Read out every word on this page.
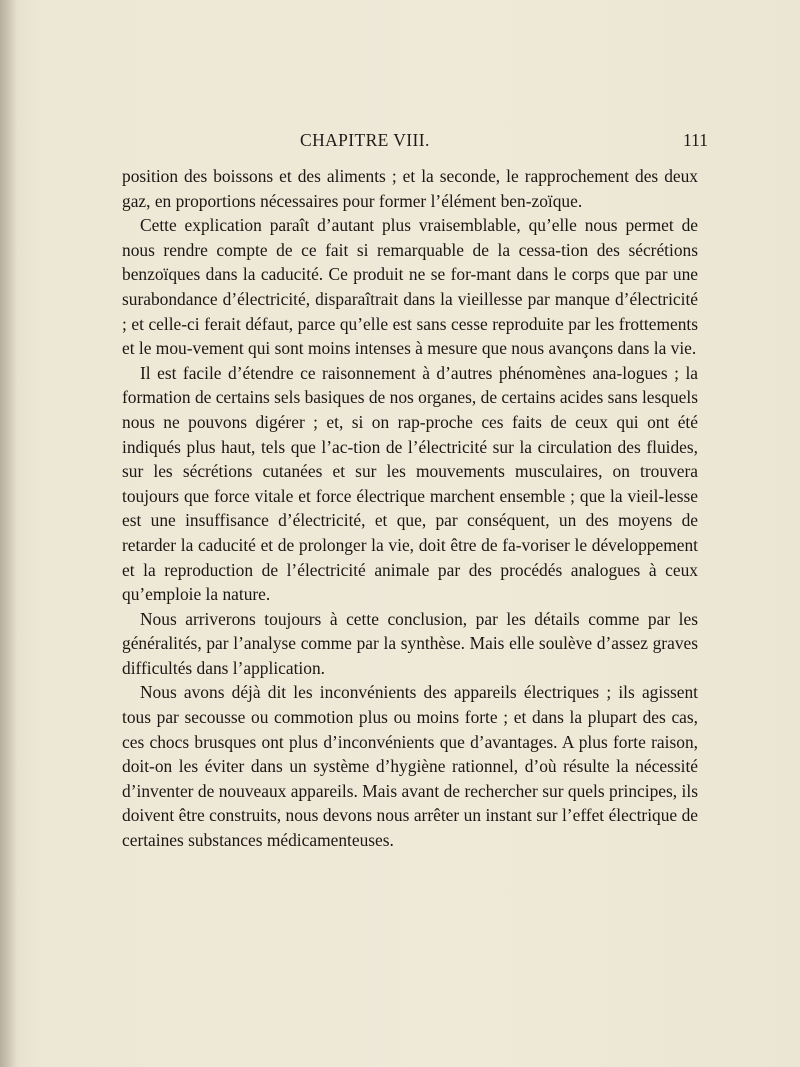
CHAPITRE VIII.	111

position des boissons et des aliments ; et la seconde, le rapprochement des deux gaz, en proportions nécessaires pour former l’élément ben-zoïque.

Cette explication paraît d’autant plus vraisemblable, qu’elle nous permet de nous rendre compte de ce fait si remarquable de la cessa-tion des sécrétions benzoïques dans la caducité. Ce produit ne se for-mant dans le corps que par une surabondance d’électricité, disparaîtrait dans la vieillesse par manque d’électricité ; et celle-ci ferait défaut, parce qu’elle est sans cesse reproduite par les frottements et le mou-vement qui sont moins intenses à mesure que nous avançons dans la vie.

Il est facile d’étendre ce raisonnement à d’autres phénomènes ana-logues ; la formation de certains sels basiques de nos organes, de certains acides sans lesquels nous ne pouvons digérer ; et, si on rap-proche ces faits de ceux qui ont été indiqués plus haut, tels que l’ac-tion de l’électricité sur la circulation des fluides, sur les sécrétions cutanées et sur les mouvements musculaires, on trouvera toujours que force vitale et force électrique marchent ensemble ; que la vieil-lesse est une insuffisance d’électricité, et que, par conséquent, un des moyens de retarder la caducité et de prolonger la vie, doit être de fa-voriser le développement et la reproduction de l’électricité animale par des procédés analogues à ceux qu’emploie la nature.

Nous arriverons toujours à cette conclusion, par les détails comme par les généralités, par l’analyse comme par la synthèse. Mais elle soulève d’assez graves difficultés dans l’application.

Nous avons déjà dit les inconvénients des appareils électriques ; ils agissent tous par secousse ou commotion plus ou moins forte ; et dans la plupart des cas, ces chocs brusques ont plus d’inconvénients que d’avantages. A plus forte raison, doit-on les éviter dans un système d’hygiène rationnel, d’où résulte la nécessité d’inventer de nouveaux appareils. Mais avant de rechercher sur quels principes, ils doivent être construits, nous devons nous arrêter un instant sur l’effet électrique de certaines substances médicamenteuses.
